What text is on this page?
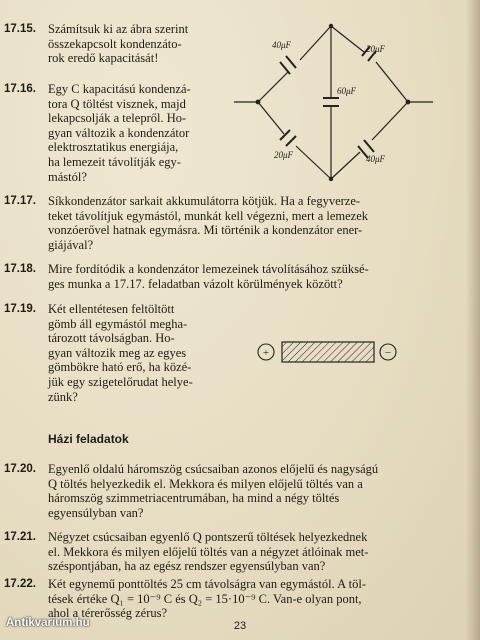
17.15. Számítsuk ki az ábra szerint
összekapcsolt kondenzáto-
rok eredő kapacitását!
17.16. Egy C kapacitású kondenzá-
tora Q töltést visznek, majd
lekapcsolják a telepről. Ho-
gyan változik a kondenzátor
elektrosztatikus energiája,
ha lemezeit távolítják egy-
mástól?
40μF	20μF
60μF
20μF	40μF
17.17. Síkkondenzátor sarkait akkumulátorra kötjük. Ha a fegyverze-
teket távolítjuk egymástól, munkát kell végezni, mert a lemezek
vonzóerővel hatnak egymásra. Mi történik a kondenzátor ener-
giájával?
17.18. Mire fordítódik a kondenzátor lemezeinek távolításához szüksé-
ges munka a 17.17. feladatban vázolt körülmények között?
17.19. Két ellentétesen feltöltött
gömb áll egymástól megha-
tározott távolságban. Ho-
gyan változik meg az egyes
gömbökre ható erő, ha közé-
jük egy szigetelőrudat helye-
zünk?
+	−
Házi feladatok
17.20. Egyenlő oldalú háromszög csúcsaiban azonos előjelű és nagyságú
Q töltés helyezkedik el. Mekkora és milyen előjelű töltés van a
háromszög szimmetriacentrumában, ha mind a négy töltés
egyensúlyban van?
17.21. Négyzet csúcsaiban egyenlő Q pontszerű töltések helyezkednek
el. Mekkora és milyen előjelű töltés van a négyzet átlóinak met-
széspontjában, ha az egész rendszer egyensúlyban van?
17.22. Két egynemű ponttöltés 25 cm távolságra van egymástól. A töl-
tések értéke Q₁ = 10⁻⁹ C és Q₂ = 15·10⁻⁹ C. Van-e olyan pont,
ahol a térerősség zérus?
23
Antikvarium.hu
